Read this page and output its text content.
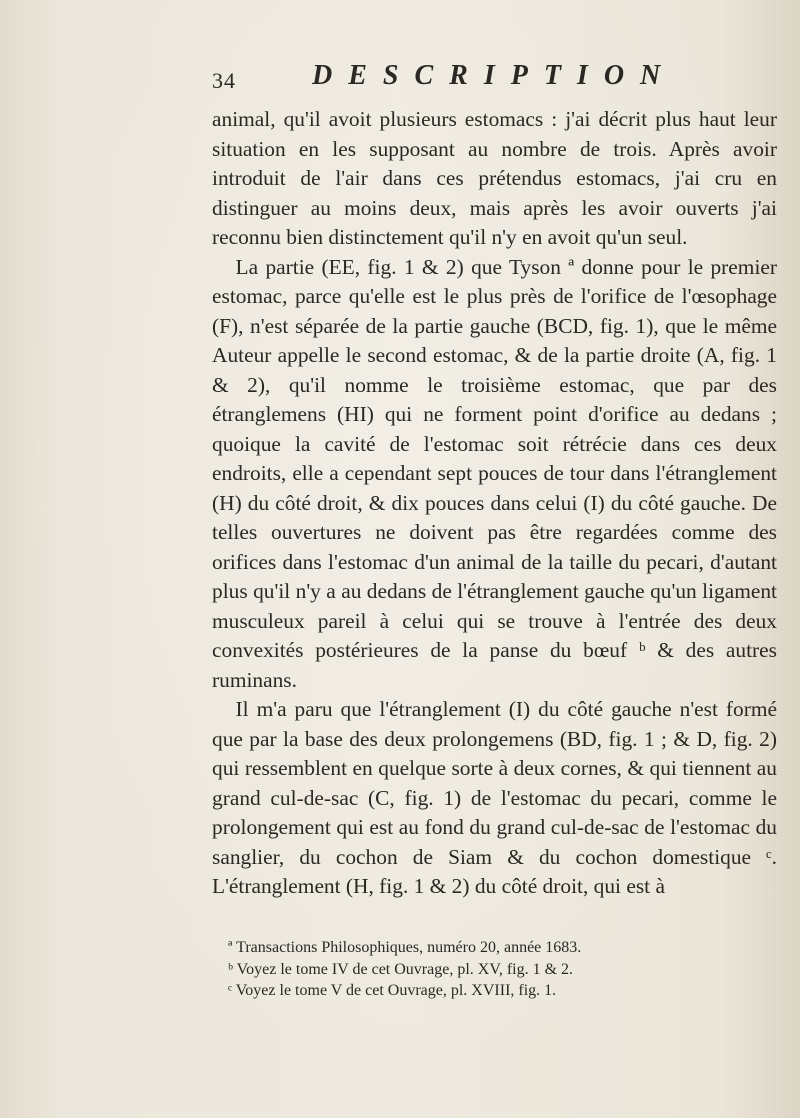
34	DESCRIPTION

animal, qu'il avoit plusieurs estomacs : j'ai décrit plus haut leur situation en les supposant au nombre de trois. Après avoir introduit de l'air dans ces prétendus estomacs, j'ai cru en distinguer au moins deux, mais après les avoir ouverts j'ai reconnu bien distinctement qu'il n'y en avoit qu'un seul.

La partie (EE, fig. 1 & 2) que Tyson ª donne pour le premier estomac, parce qu'elle est le plus près de l'orifice de l'œsophage (F), n'est séparée de la partie gauche (BCD, fig. 1), que le même Auteur appelle le second estomac, & de la partie droite (A, fig. 1 & 2), qu'il nomme le troisième estomac, que par des étranglemens (HI) qui ne forment point d'orifice au dedans ; quoique la cavité de l'estomac soit rétrécie dans ces deux endroits, elle a cependant sept pouces de tour dans l'étranglement (H) du côté droit, & dix pouces dans celui (I) du côté gauche. De telles ouvertures ne doivent pas être regardées comme des orifices dans l'estomac d'un animal de la taille du pecari, d'autant plus qu'il n'y a au dedans de l'étranglement gauche qu'un ligament musculeux pareil à celui qui se trouve à l'entrée des deux convexités postérieures de la panse du bœuf ᵇ & des autres ruminans.

Il m'a paru que l'étranglement (I) du côté gauche n'est formé que par la base des deux prolongemens (BD, fig. 1 ; & D, fig. 2) qui ressemblent en quelque sorte à deux cornes, & qui tiennent au grand cul-de-sac (C, fig. 1) de l'estomac du pecari, comme le prolongement qui est au fond du grand cul-de-sac de l'estomac du sanglier, du cochon de Siam & du cochon domestique ᶜ. L'étranglement (H, fig. 1 & 2) du côté droit, qui est à

ª Transactions Philosophiques, numéro 20, année 1683.

ᵇ Voyez le tome IV de cet Ouvrage, pl. XV, fig. 1 & 2.

ᶜ Voyez le tome V de cet Ouvrage, pl. XVIII, fig. 1.
